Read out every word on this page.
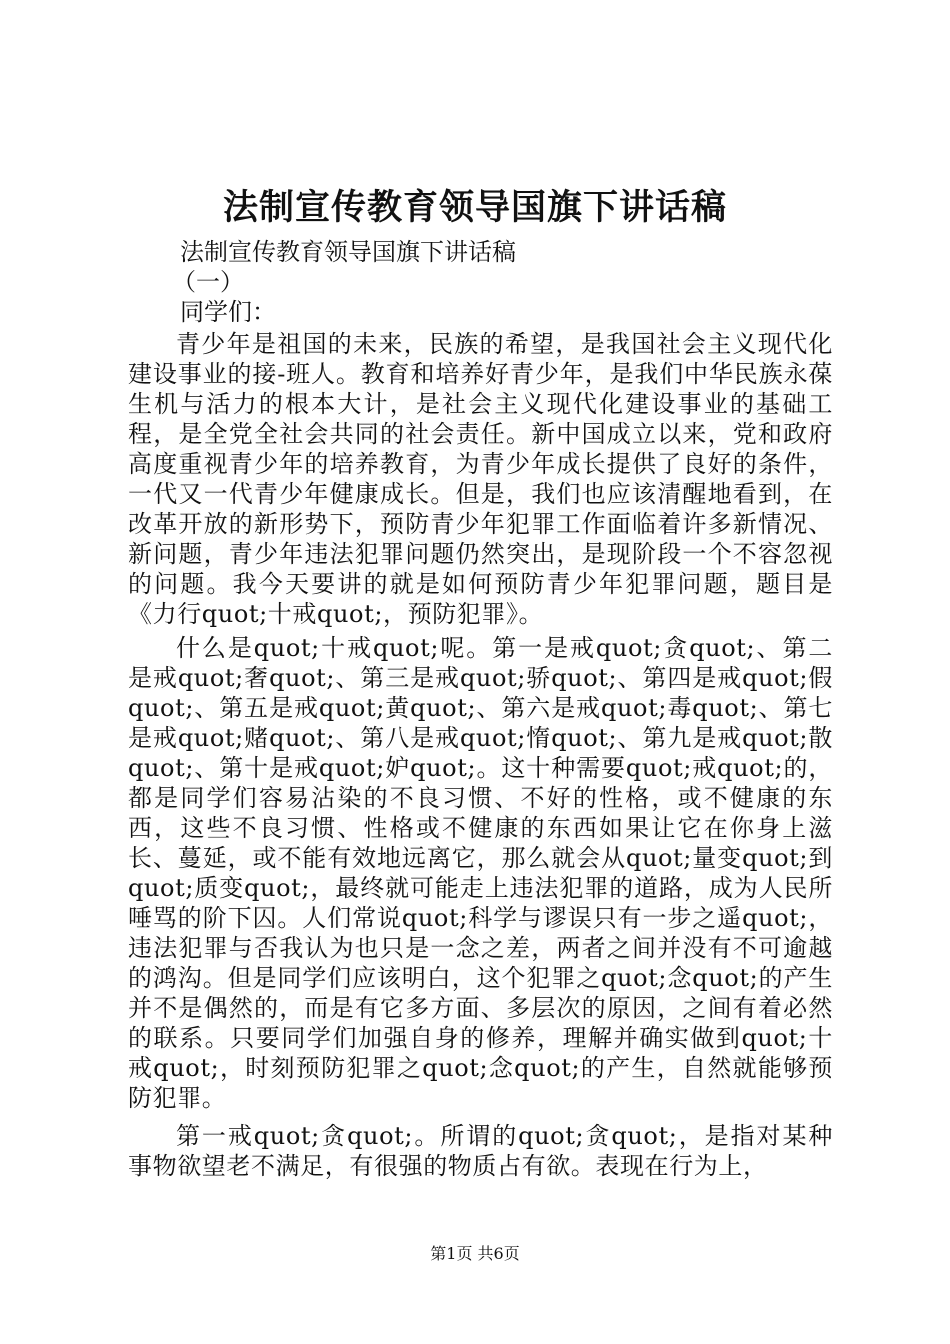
法制宣传教育领导国旗下讲话稿
法制宣传教育领导国旗下讲话稿
（一）
同学们：

青少年是祖国的未来，民族的希望，是我国社会主义现代化建设事业的接-班人。教育和培养好青少年，是我们中华民族永葆生机与活力的根本大计，是社会主义现代化建设事业的基础工程，是全党全社会共同的社会责任。新中国成立以来，党和政府高度重视青少年的培养教育，为青少年成长提供了良好的条件，一代又一代青少年健康成长。但是，我们也应该清醒地看到，在改革开放的新形势下，预防青少年犯罪工作面临着许多新情况、新问题，青少年违法犯罪问题仍然突出，是现阶段一个不容忽视的问题。我今天要讲的就是如何预防青少年犯罪问题，题目是《力行quot;十戒quot;，预防犯罪》。

什么是quot;十戒quot;呢。第一是戒quot;贪quot;、第二是戒quot;奢quot;、第三是戒quot;骄quot;、第四是戒quot;假quot;、第五是戒quot;黄quot;、第六是戒quot;毒quot;、第七是戒quot;赌quot;、第八是戒quot;惰quot;、第九是戒quot;散quot;、第十是戒quot;妒quot;。这十种需要quot;戒quot;的，都是同学们容易沾染的不良习惯、不好的性格，或不健康的东西，这些不良习惯、性格或不健康的东西如果让它在你身上滋长、蔓延，或不能有效地远离它，那么就会从quot;量变quot;到quot;质变quot;，最终就可能走上违法犯罪的道路，成为人民所唾骂的阶下囚。人们常说quot;科学与谬误只有一步之遥quot;，违法犯罪与否我认为也只是一念之差，两者之间并没有不可逾越的鸿沟。但是同学们应该明白，这个犯罪之quot;念quot;的产生并不是偶然的，而是有它多方面、多层次的原因，之间有着必然的联系。只要同学们加强自身的修养，理解并确实做到quot;十戒quot;，时刻预防犯罪之quot;念quot;的产生，自然就能够预防犯罪。

第一戒quot;贪quot;。所谓的quot;贪quot;，是指对某种事物欲望老不满足，有很强的物质占有欲。表现在行为上，

第1页 共6页
